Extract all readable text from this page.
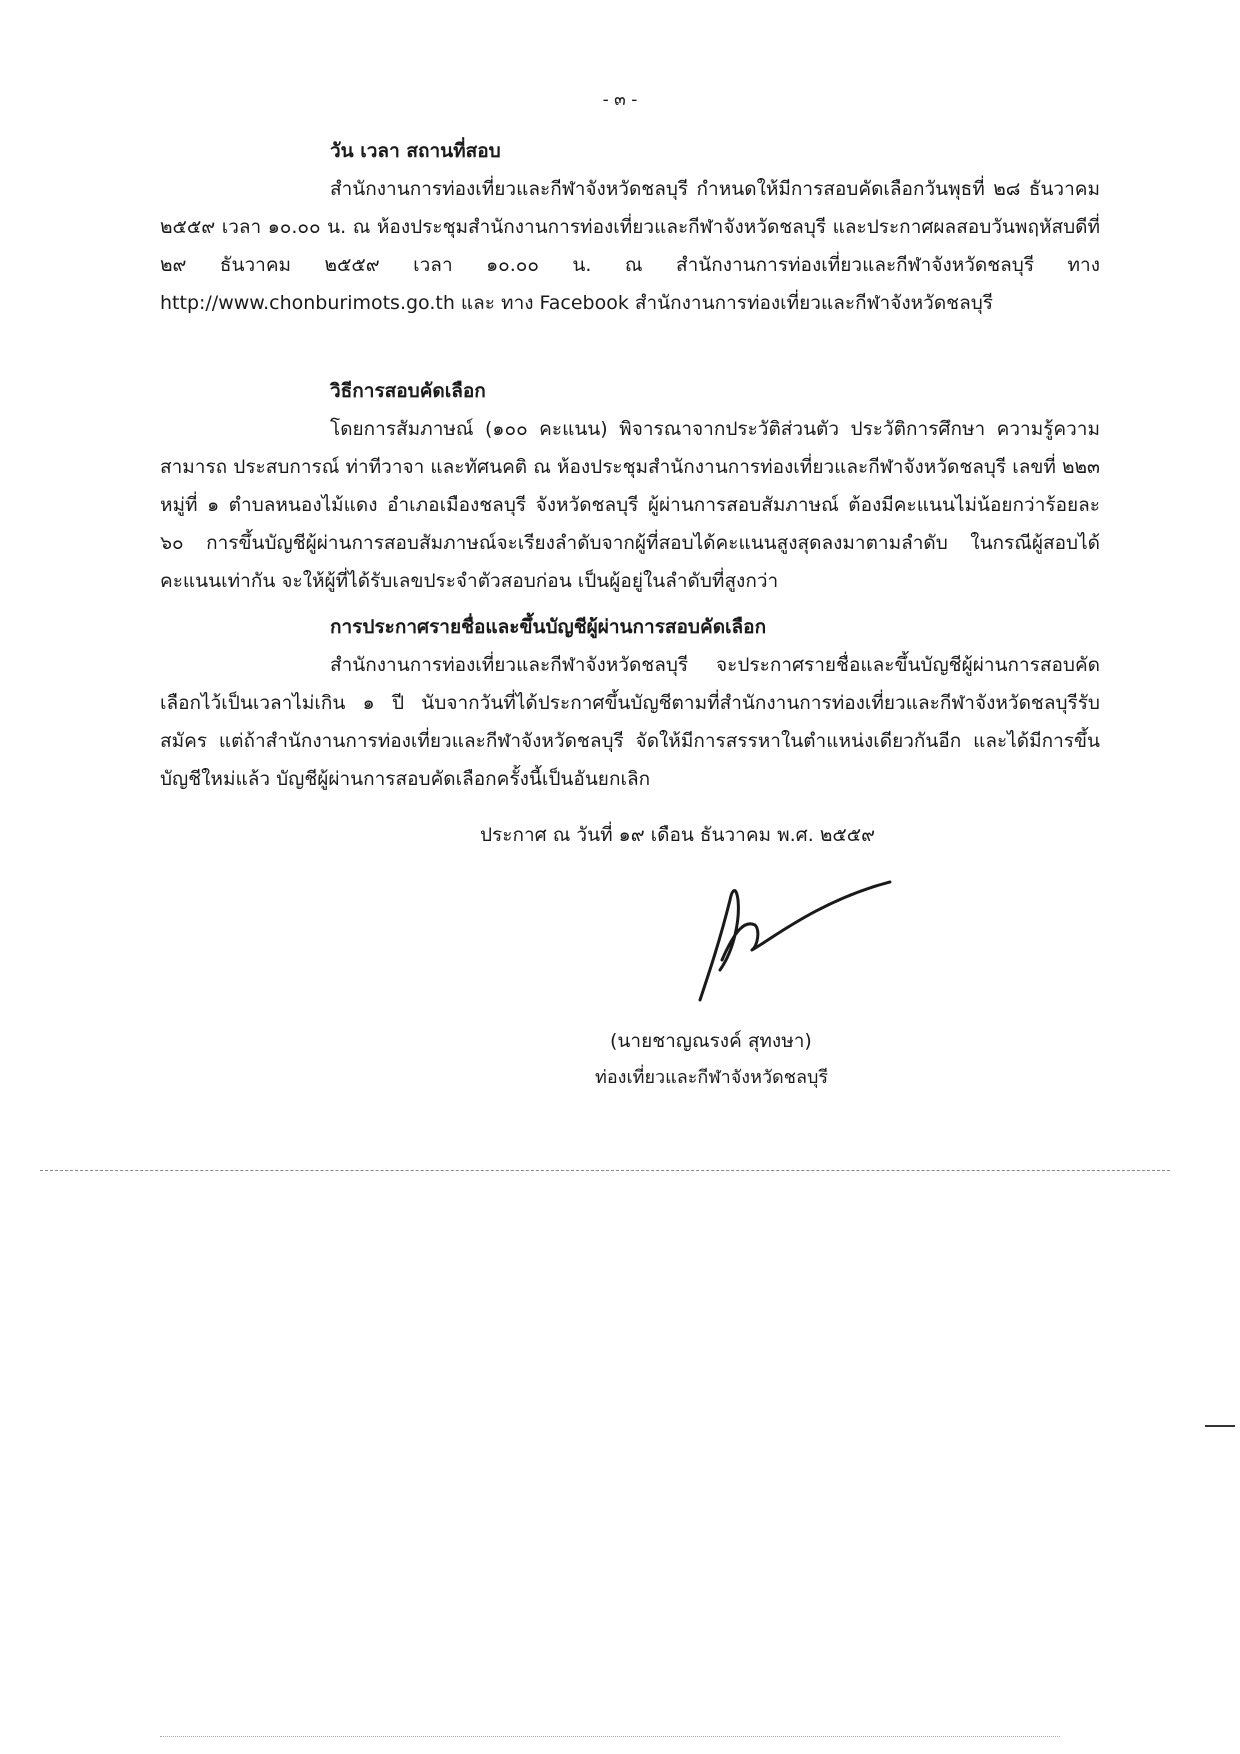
- ๓ -
วัน เวลา สถานที่สอบ

สำนักงานการท่องเที่ยวและกีฬาจังหวัดชลบุรี กำหนดให้มีการสอบคัดเลือกวันพุธที่ ๒๘ ธันวาคม ๒๕๕๙ เวลา ๑๐.๐๐ น. ณ ห้องประชุมสำนักงานการท่องเที่ยวและกีฬาจังหวัดชลบุรี และประกาศผลสอบวันพฤหัสบดีที่ ๒๙ ธันวาคม ๒๕๕๙ เวลา ๑๐.๐๐ น. ณ สำนักงานการท่องเที่ยวและกีฬาจังหวัดชลบุรี ทาง http://www.chonburimots.go.th และ ทาง Facebook สำนักงานการท่องเที่ยวและกีฬาจังหวัดชลบุรี

วิธีการสอบคัดเลือก

โดยการสัมภาษณ์ (๑๐๐ คะแนน) พิจารณาจากประวัติส่วนตัว ประวัติการศึกษา ความรู้ความสามารถ ประสบการณ์ ท่าทีวาจา และทัศนคติ ณ ห้องประชุมสำนักงานการท่องเที่ยวและกีฬาจังหวัดชลบุรี เลขที่ ๒๒๓ หมู่ที่ ๑ ตำบลหนองไม้แดง อำเภอเมืองชลบุรี จังหวัดชลบุรี ผู้ผ่านการสอบสัมภาษณ์ ต้องมีคะแนนไม่น้อยกว่าร้อยละ ๖๐ การขึ้นบัญชีผู้ผ่านการสอบสัมภาษณ์จะเรียงลำดับจากผู้ที่สอบได้คะแนนสูงสุดลงมาตามลำดับ ในกรณีผู้สอบได้คะแนนเท่ากัน จะให้ผู้ที่ได้รับเลขประจำตัวสอบก่อน เป็นผู้อยู่ในลำดับที่สูงกว่า

การประกาศรายชื่อและขึ้นบัญชีผู้ผ่านการสอบคัดเลือก

สำนักงานการท่องเที่ยวและกีฬาจังหวัดชลบุรี จะประกาศรายชื่อและขึ้นบัญชีผู้ผ่านการสอบคัดเลือกไว้เป็นเวลาไม่เกิน ๑ ปี นับจากวันที่ได้ประกาศขึ้นบัญชีตามที่สำนักงานการท่องเที่ยวและกีฬาจังหวัดชลบุรีรับสมัคร แต่ถ้าสำนักงานการท่องเที่ยวและกีฬาจังหวัดชลบุรี จัดให้มีการสรรหาในตำแหน่งเดียวกันอีก และได้มีการขึ้นบัญชีใหม่แล้ว บัญชีผู้ผ่านการสอบคัดเลือกครั้งนี้เป็นอันยกเลิก

ประกาศ ณ วันที่ ๑๙ เดือน ธันวาคม พ.ศ. ๒๕๕๙
(นายชาญณรงค์ สุทงษา)
ท่องเที่ยวและกีฬาจังหวัดชลบุรี
